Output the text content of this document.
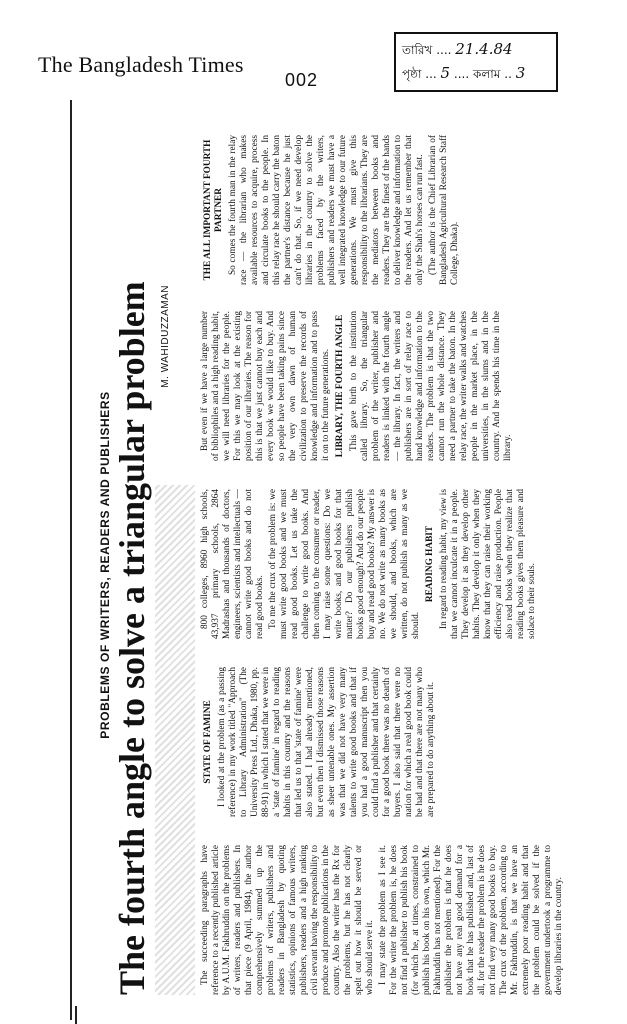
The Bangladesh Times
002
তারিখ .... 21.4.84
পৃষ্ঠা ... 5 .... কলাম .. 3
PROBLEMS OF WRITERS, READERS AND PUBLISHERS The fourth angle to solve a triangular problem M. WAHIDUZZAMAN

The succeeding paragraphs have reference to a recently published article by A.U.M. Fakhruddin on the problems of writers, readers and publishers. In that piece (9 April, 1984), the author comprehensively summed up the problems of writers, publishers and readers in Bangladesh by quoting statistics, opinions of famous writers, publishers, readers and a high ranking civil servant having the responsibility to produce and promote publications in the country. Also the writer has the Rx for the problems, but he has not clearly spelt out how it should be served or who should serve it. I may state the problem as I see it. For the writer the problem is, he does not find a publisher to publish his book (for which he, at times, constrained to publish his book on his own, which Mr. Fakhruddin has not mentioned). For the publisher the problem is that he does not have any real good demand for a book that he has published and, last of all, for the reader the problem is he does not find very many good books to buy. The crux of the problem, according to Mr. Fakhruddin, is that we have an extremely poor reading habit and that the problem could be solved if the government undertook a programme to develop libraries in the country.

STATE OF FAMINE I looked at the problem (as a passing reference) in my work titled "Approach to Library Administration" (The University Press Ltd., Dhaka, 1980, pp. 88-91) in which I stated that we were in a 'state of famine' in regard to reading habits in this country and the reasons that led us to that 'state of famine' were also stated. I had already mentioned, but even then I dismissed those reasons as sheer untenable ones. My assertion was that we did not have very many talents to write good books and that if you had a good manuscript then you could find a publisher and that certainly for a good book there was no dearth of buyers. I also said that there were no nation for which a real good book could be had and that there are not many who are prepared to do anything about it.

800 colleges, 8960 high schools, 43,937 primary schools, 2864 Madrashas and thousands of doctors, engineers, scientists and intellectuals — cannot write good books and do not read good books. To me the crux of the problem is: we must write good books and we must read good books. Let us take the challenge to write good books. And then coming to the consumer or reader, I may raise some questions: Do we write books, and good books for that matter? Do our publishers publish books good enough? And do our people buy and read good books? My answer is no. We do not write as many books as we should, and books, which are written, do not publish as many as we should.

READING HABIT In regard to reading habit, my view is that we cannot inculcate it in a people. They develop it as they develop other habits. They develop it only when they know that they can raise their working efficiency and raise production. People also read books when they realize that reading books gives them pleasure and solace to their souls.

But even if we have a large number of bibliophiles and a high reading habit, we will need libraries for the people. For this we may look at the existing position of our libraries. The reason for this is that we just cannot buy each and every book we would like to buy. And so people have been taking pains since the very own dawn of human civilization to preserve the records of knowledge and information and to pass it on to the future generations. LIBRARY, THE FOURTH ANGLE This gave birth to the institution called library. So, the triangular problem of the writer, publisher and readers is linked with the fourth angle — the library. In fact, the writers and publishers are in sort of relay race to hand knowledge and information to the readers. The problem is that the two cannot run the whole distance. They need a partner to take the baton. In the relay race, the writer walks and watches people in the market place, in the universities, in the slums and in the country. And he spends his time in the library.

THE ALL IMPORTANT FOURTH PARTNER So comes the fourth man in the relay race — the librarian who makes available resources to acquire, process and circulate books to the people. In this relay race he should carry the baton the partner's distance because he just can't do that. So, if we need develop libraries in the country to solve the problems faced by the writers, publishers and readers we must have a well integrated knowledge to our future generations. We must give this responsibility to the librarians. They are the mediators between books and readers. They are the finest of the hands to deliver knowledge and information to the readers. And let us remember that only the Shah's horses can run fast. (The author is the Chief Librarian of Bangladesh Agricultural Research Staff College, Dhaka).
